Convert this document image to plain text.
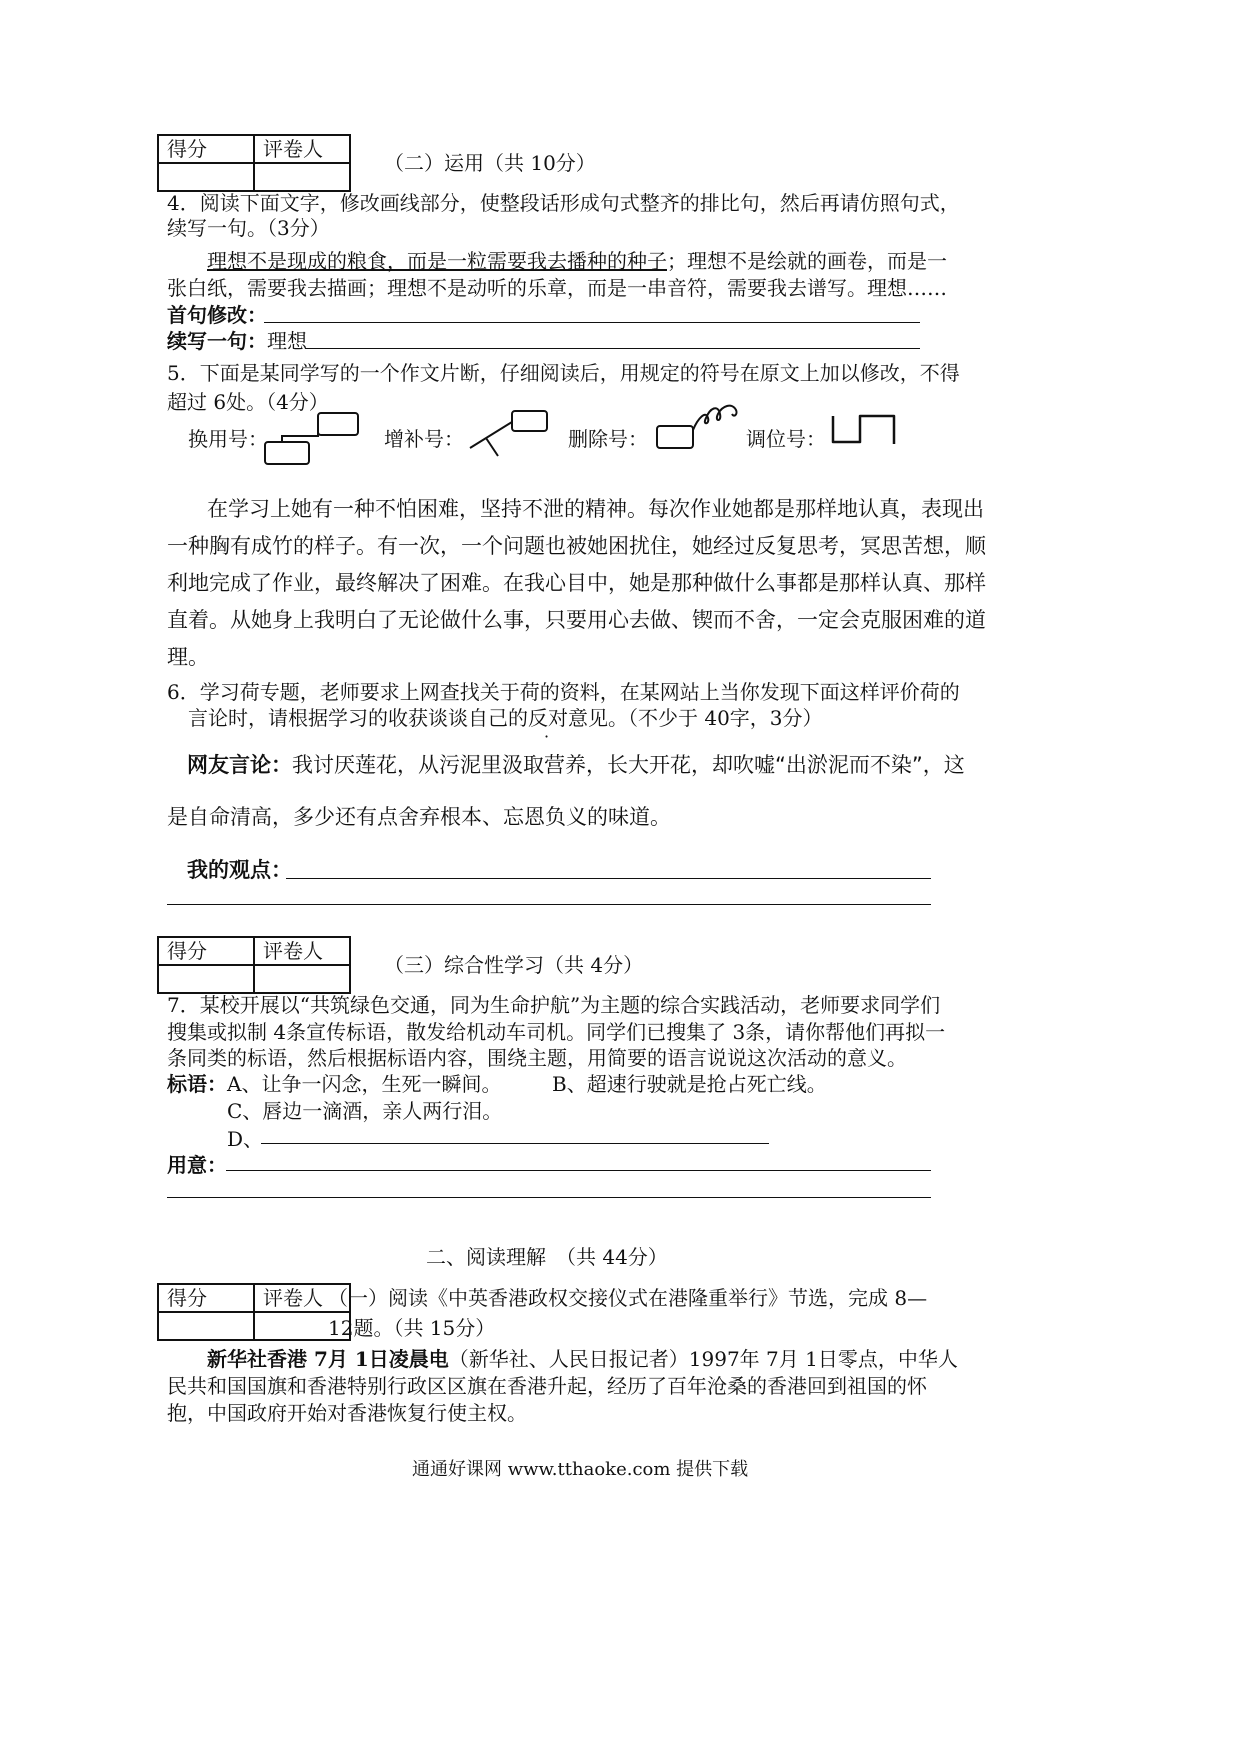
得分	评卷人

（二）运用（共 10分）
4．阅读下面文字，修改画线部分，使整段话形成句式整齐的排比句，然后再请仿照句式，
续写一句。（3分）
理想不是现成的粮食，而是一粒需要我去播种的种子；理想不是绘就的画卷，而是一
张白纸，需要我去描画；理想不是动听的乐章，而是一串音符，需要我去谱写。理想……
首句修改：
续写一句：理想
5．下面是某同学写的一个作文片断，仔细阅读后，用规定的符号在原文上加以修改，不得
超过 6处。（4分）
换用号：	增补号：	删除号：	调位号：
在学习上她有一种不怕困难，坚持不泄的精神。每次作业她都是那样地认真，表现出
一种胸有成竹的样子。有一次，一个问题也被她困扰住，她经过反复思考，冥思苦想，顺
利地完成了作业，最终解决了困难。在我心目中，她是那种做什么事都是那样认真、那样
直着。从她身上我明白了无论做什么事，只要用心去做、锲而不舍，一定会克服困难的道
理。
6．学习荷专题，老师要求上网查找关于荷的资料，在某网站上当你发现下面这样评价荷的
言论时，请根据学习的收获谈谈自己的反对意见。（不少于 40字，3分）
网友言论：我讨厌莲花，从污泥里汲取营养，长大开花，却吹嘘“出淤泥而不染”，这
是自命清高，多少还有点舍弃根本、忘恩负义的味道。
我的观点：
得分	评卷人

（三）综合性学习（共 4分）
7．某校开展以“共筑绿色交通，同为生命护航”为主题的综合实践活动，老师要求同学们
搜集或拟制 4条宣传标语，散发给机动车司机。同学们已搜集了 3条，请你帮他们再拟一
条同类的标语，然后根据标语内容，围绕主题，用简要的语言说说这次活动的意义。
标语：A、让争一闪念，生死一瞬间。	B、超速行驶就是抢占死亡线。
C、唇边一滴酒，亲人两行泪。
D、
用意：
二、阅读理解　（共 44分）
得分	评卷人
	（一）阅读《中英香港政权交接仪式在港隆重举行》节选，完成 8—
12题。（共 15分）
新华社香港 7月 1日凌晨电（新华社、人民日报记者）1997年 7月 1日零点，中华人
民共和国国旗和香港特别行政区区旗在香港升起，经历了百年沧桑的香港回到祖国的怀
抱，中国政府开始对香港恢复行使主权。
通通好课网 www.tthaoke.com 提供下载
